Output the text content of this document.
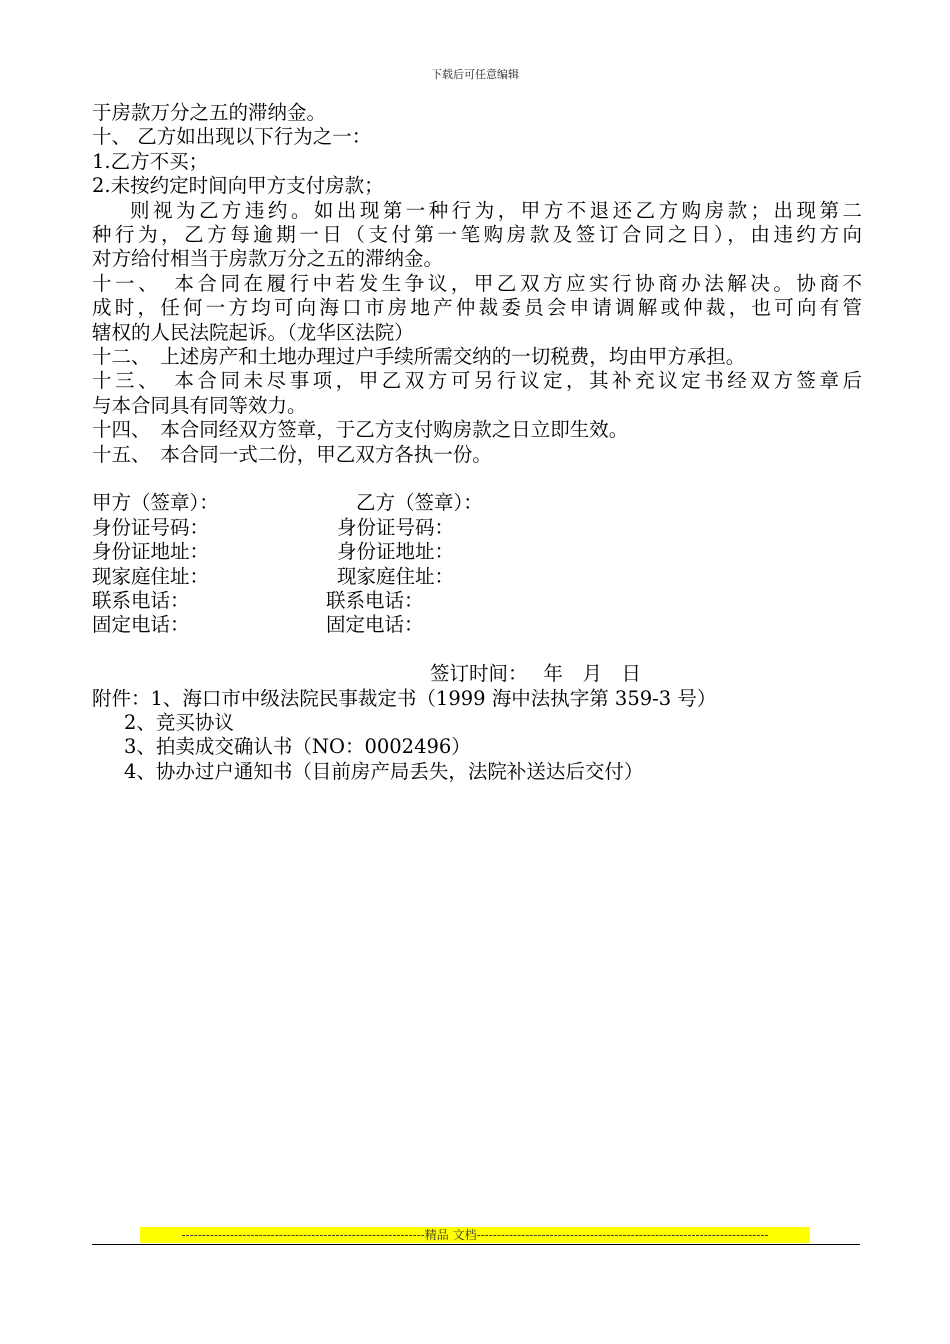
下载后可任意编辑
于房款万分之五的滞纳金。
十、 乙方如出现以下行为之一：
1.乙方不买；
2.未按约定时间向甲方支付房款；
则视为乙方违约。如出现第一种行为，甲方不退还乙方购房款；出现第二
种行为，乙方每逾期一日（支付第一笔购房款及签订合同之日），由违约方向
对方给付相当于房款万分之五的滞纳金。
十一、　本合同在履行中若发生争议，甲乙双方应实行协商办法解决。协商不
成时，任何一方均可向海口市房地产仲裁委员会申请调解或仲裁，也可向有管
辖权的人民法院起诉。（龙华区法院）
十二、　上述房产和土地办理过户手续所需交纳的一切税费，均由甲方承担。
十三、　本合同未尽事项，甲乙双方可另行议定，其补充议定书经双方签章后
与本合同具有同等效力。
十四、　本合同经双方签章，于乙方支付购房款之日立即生效。
十五、　本合同一式二份，甲乙双方各执一份。
甲方（签章）：	乙方（签章）：
身份证号码：	身份证号码：
身份证地址：	身份证地址：
现家庭住址：	现家庭住址：
联系电话：	联系电话：
固定电话：	固定电话：
签订时间：　 年　月　日
附件：1、海口市中级法院民事裁定书（1999 海中法执字第 359-3 号）
2、竞买协议
3、拍卖成交确认书（NO：0002496）
4、协办过户通知书（目前房产局丢失，法院补送达后交付）
------------------------------------------------------------精品 文档------------------------------------------------------------------------
